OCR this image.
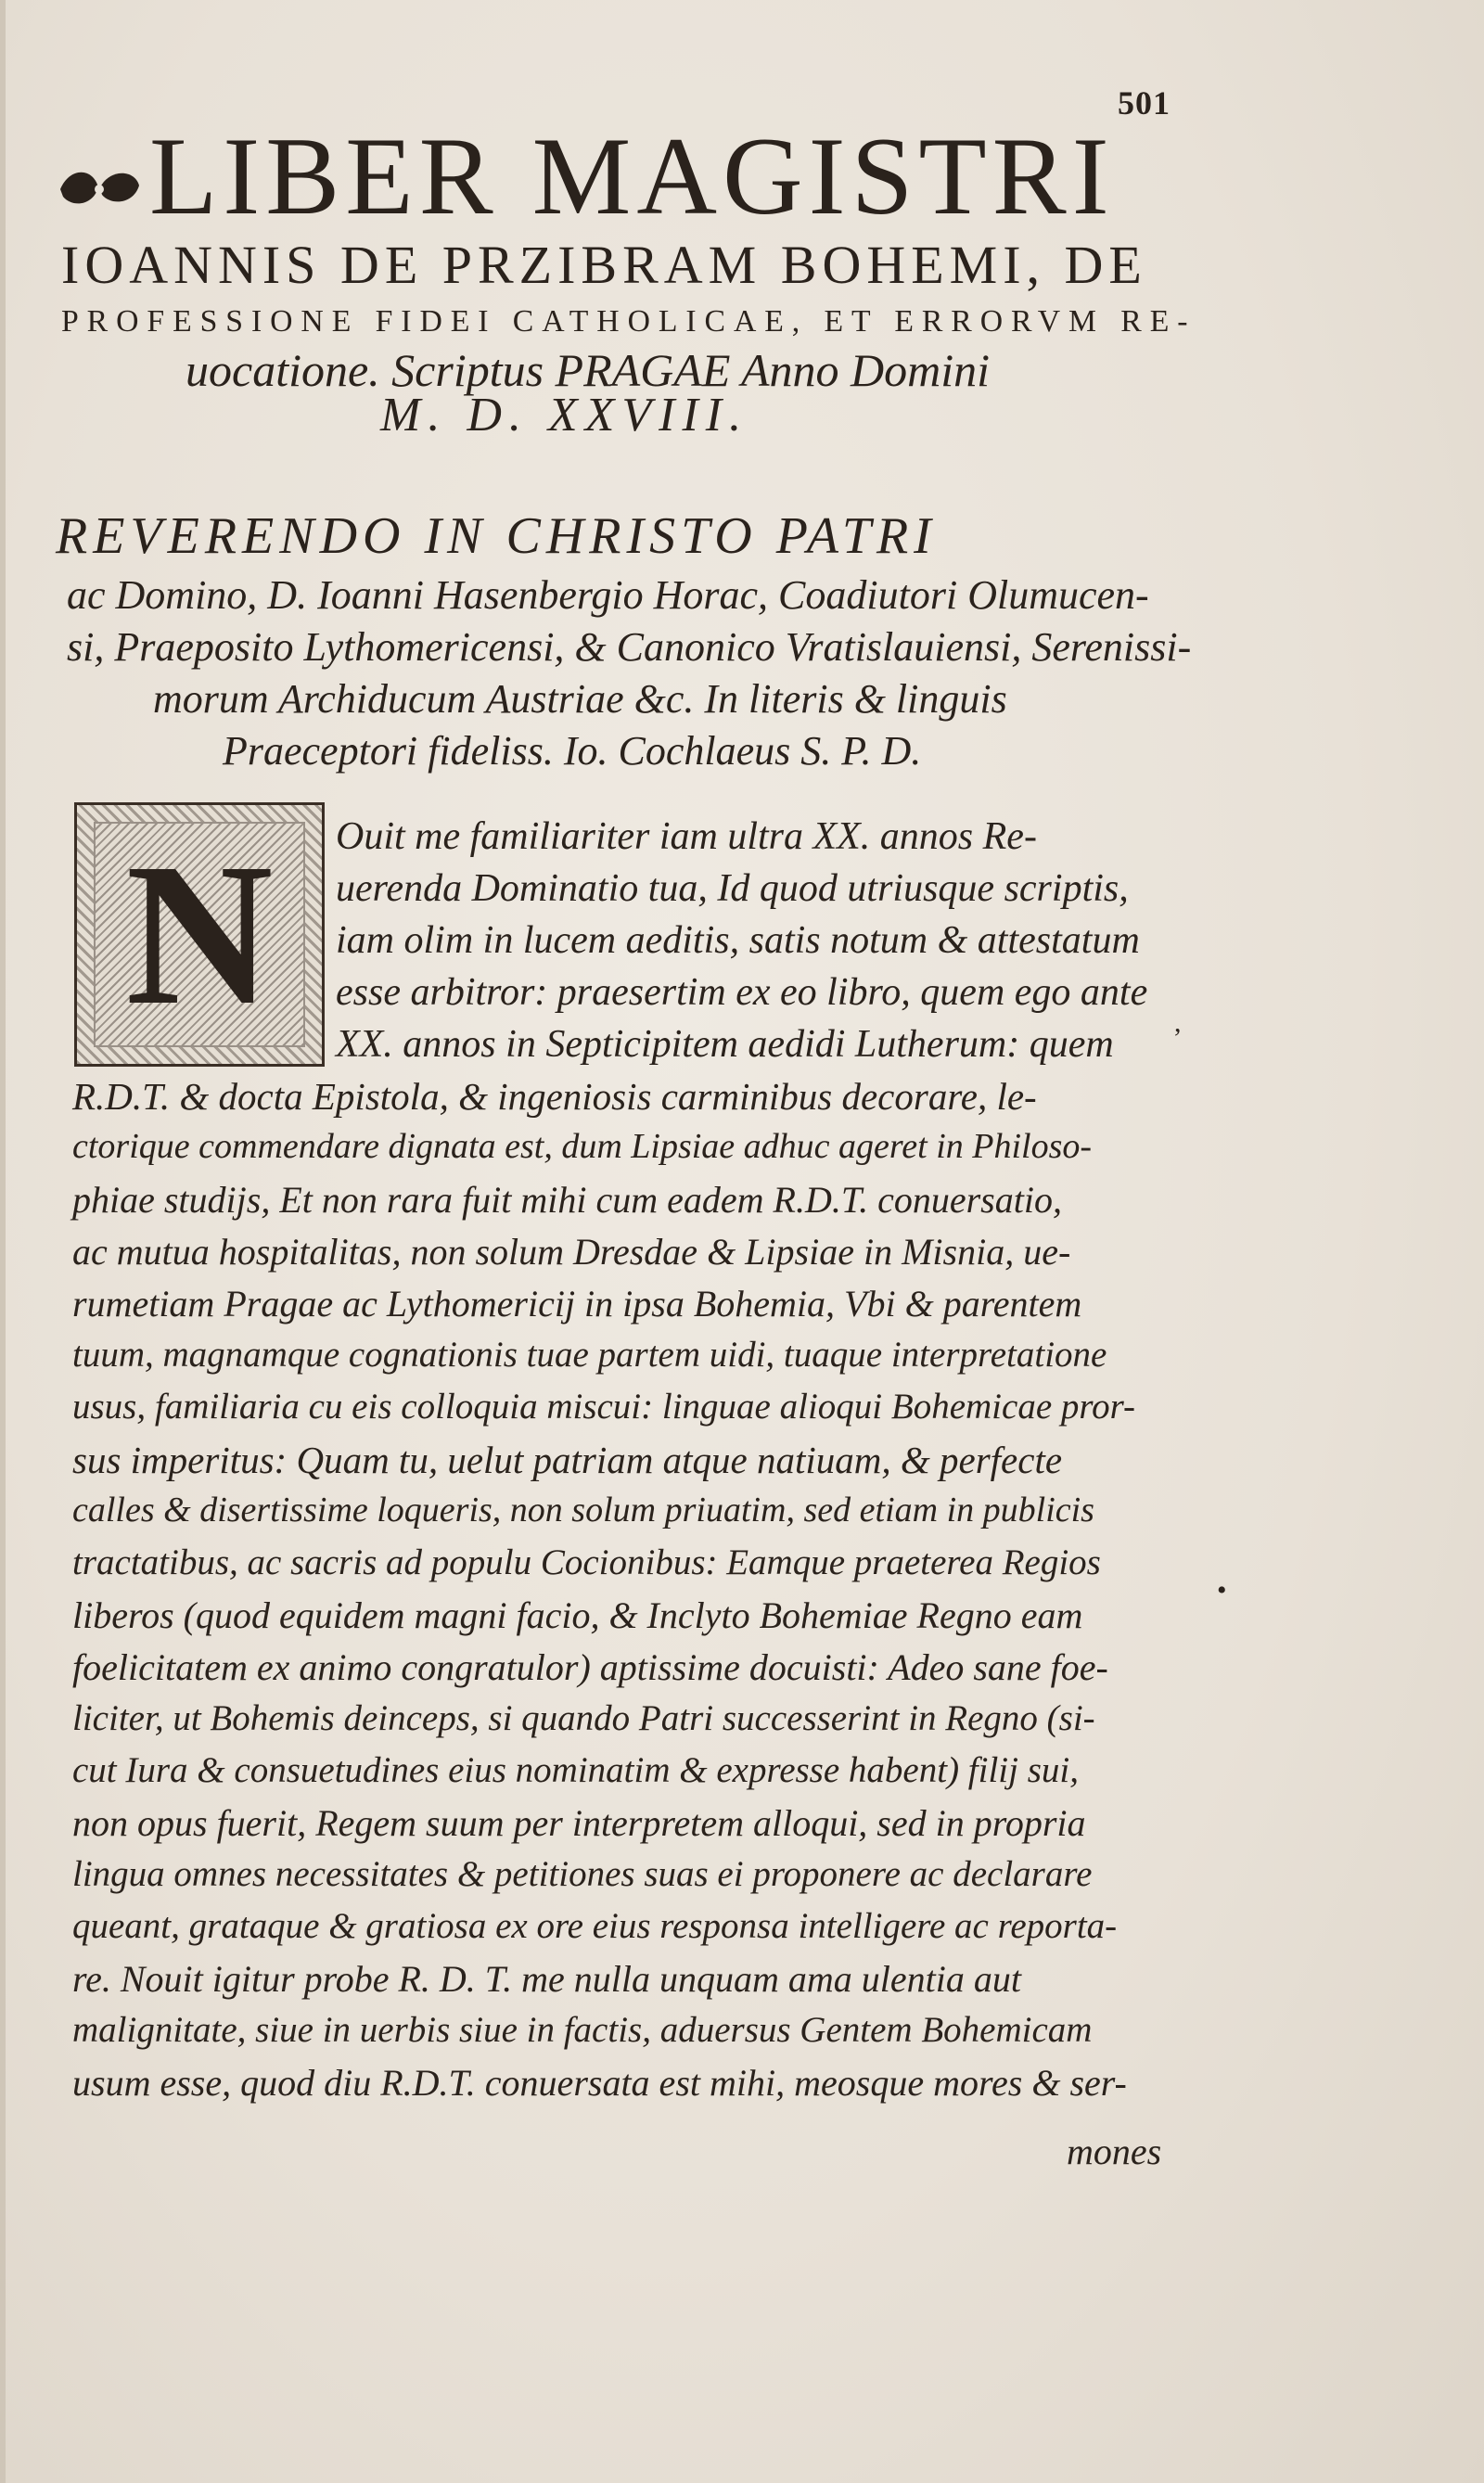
501
LIBER MAGISTRI
IOANNIS DE PRZIBRAM BOHEMI, DE
PROFESSIONE FIDEI CATHOLICAE, ET ERRORVM RE-
uocatione. Scriptus PRAGAE Anno Domini
M. D. XXVIII.
REVERENDO IN CHRISTO PATRI
ac Domino, D. Ioanni Hasenbergio Horac, Coadiutori Olumucen-
si, Praeposito Lythomericensi, & Canonico Vratislauiensi, Serenissi-
morum Archiducum Austriae &c. In literis & linguis
Praeceptori fideliss. Io. Cochlaeus S. P. D.
N	Ouit me familiariter iam ultra XX. annos Re-
uerenda Dominatio tua, Id quod utriusque scriptis,
iam olim in lucem aeditis, satis notum & attestatum
esse arbitror: praesertim ex eo libro, quem ego ante
XX. annos in Septicipitem aedidi Lutherum: quem
R.D.T. & docta Epistola, & ingeniosis carminibus decorare, le-
ctorique commendare dignata est, dum Lipsiae adhuc ageret in Philoso-
phiae studijs, Et non rara fuit mihi cum eadem R.D.T. conuersatio,
ac mutua hospitalitas, non solum Dresdae & Lipsiae in Misnia, ue-
rumetiam Pragae ac Lythomericij in ipsa Bohemia, Vbi & parentem
tuum, magnamque cognationis tuae partem uidi, tuaque interpretatione
usus, familiaria cu eis colloquia miscui: linguae alioqui Bohemicae pror-
sus imperitus: Quam tu, uelut patriam atque natiuam, & perfecte
calles & disertissime loqueris, non solum priuatim, sed etiam in publicis
tractatibus, ac sacris ad populu Cocionibus: Eamque praeterea Regios
liberos (quod equidem magni facio, & Inclyto Bohemiae Regno eam
foelicitatem ex animo congratulor) aptissime docuisti: Adeo sane foe-
liciter, ut Bohemis deinceps, si quando Patri successerint in Regno (si-
cut Iura & consuetudines eius nominatim & expresse habent) filij sui,
non opus fuerit, Regem suum per interpretem alloqui, sed in propria
lingua omnes necessitates & petitiones suas ei proponere ac declarare
queant, grataque & gratiosa ex ore eius responsa intelligere ac reporta-
re. Nouit igitur probe R. D. T. me nulla unquam ama ulentia aut
malignitate, siue in uerbis siue in factis, aduersus Gentem Bohemicam
usum esse, quod diu R.D.T. conuersata est mihi, meosque mores & ser-
mones
•
,
